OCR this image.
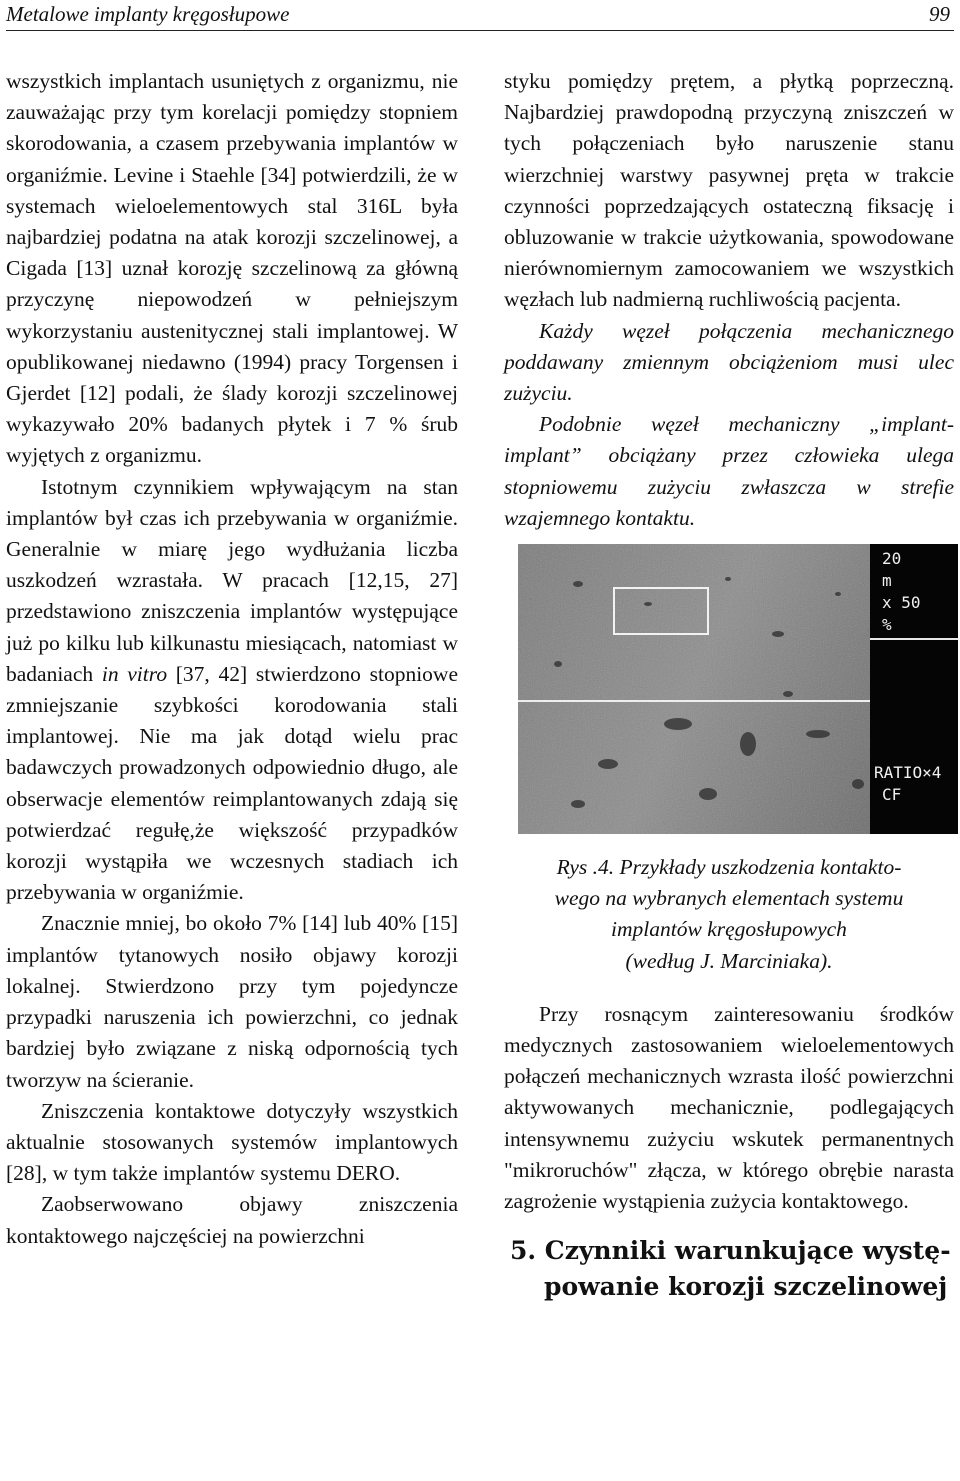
Metalowe implanty kręgosłupowe	99

wszystkich implantach usuniętych z organizmu, nie zauważając przy tym korelacji pomiędzy stopniem skorodowania, a czasem przebywania implantów w organiźmie. Levine i Staehle [34] potwierdzili, że w systemach wieloelementowych stal 316L była najbardziej podatna na atak korozji szczelinowej, a Cigada [13] uznał korozję szczelinową za główną przyczynę niepowodzeń w pełniejszym wykorzystaniu austenitycznej stali implantowej. W opublikowanej niedawno (1994) pracy Torgensen i Gjerdet [12] podali, że ślady korozji szczelinowej wykazywało 20% badanych płytek i 7 % śrub wyjętych z organizmu.

Istotnym czynnikiem wpływającym na stan implantów był czas ich przebywania w organiźmie. Generalnie w miarę jego wydłużania liczba uszkodzeń wzrastała. W pracach [12,15, 27] przedstawiono zniszczenia implantów występujące już po kilku lub kilkunastu miesiącach, natomiast w badaniach in vitro [37, 42] stwierdzono stopniowe zmniejszanie szybkości korodowania stali implantowej. Nie ma jak dotąd wielu prac badawczych prowadzonych odpowiednio długo, ale obserwacje elementów reimplantowanych zdają się potwierdzać regułę,że większość przypadków korozji wystąpiła we wczesnych stadiach ich przebywania w organiźmie.

Znacznie mniej, bo około 7% [14] lub 40% [15] implantów tytanowych nosiło objawy korozji lokalnej. Stwierdzono przy tym pojedyncze przypadki naruszenia ich powierzchni, co jednak bardziej było związane z niską odpornością tych tworzyw na ścieranie.

Zniszczenia kontaktowe dotyczyły wszystkich aktualnie stosowanych systemów implantowych [28], w tym także implantów systemu DERO.

Zaobserwowano objawy zniszczenia kontaktowego najczęściej na powierzchni

styku pomiędzy prętem, a płytką poprzeczną. Najbardziej prawdopodną przyczyną zniszczeń w tych połączeniach było naruszenie stanu wierzchniej warstwy pasywnej pręta w trakcie czynności poprzedzających ostateczną fiksację i obluzowanie w trakcie użytkowania, spowodowane nierównomiernym zamocowaniem we wszystkich węzłach lub nadmierną ruchliwością pacjenta.

Każdy węzeł połączenia mechanicznego poddawany zmiennym obciążeniom musi ulec zużyciu.

Podobnie węzeł mechaniczny „implant-implant” obciążany przez człowieka ulega stopniowemu zużyciu zwłaszcza w strefie wzajemnego kontaktu.

20
m
x 50
%
RATIO×4
CF
Rys .4. Przykłady uszkodzenia kontakto-
wego na wybranych elementach systemu
implantów kręgosłupowych
(według J. Marciniaka).

Przy rosnącym zainteresowaniu środków medycznych zastosowaniem wieloelementowych połączeń mechanicznych wzrasta ilość powierzchni aktywowanych mechanicznie, podlegających intensywnemu zużyciu wskutek permanentnych "mikroruchów" złącza, w którego obrębie narasta zagrożenie wystąpienia zużycia kontaktowego.

5. Czynniki warunkujące wystę-
powanie korozji szczelinowej
